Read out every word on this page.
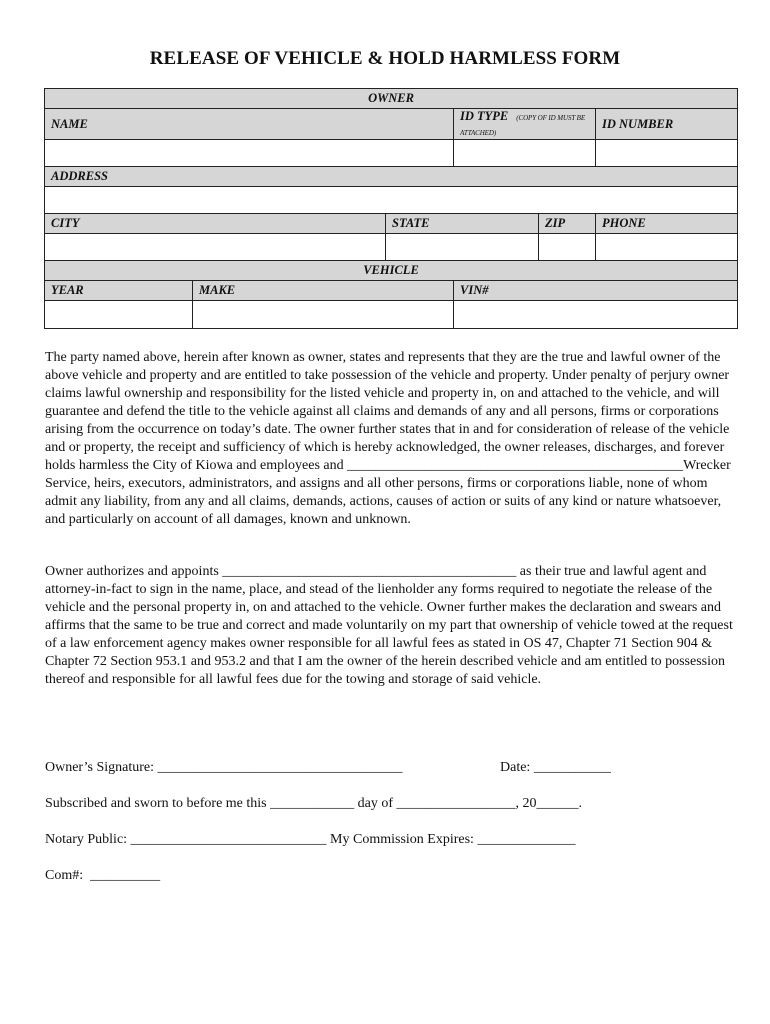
RELEASE OF VEHICLE & HOLD HARMLESS FORM
OWNER					
NAME			ID TYPE (COPY OF ID MUST BE ATTACHED)		ID NUMBER

ADDRESS					

CITY		STATE		ZIP	PHONE

VEHICLE					
YEAR	MAKE		VIN#		

The party named above, herein after known as owner, states and represents that they are the true and lawful owner of the above vehicle and property and are entitled to take possession of the vehicle and property. Under penalty of perjury owner claims lawful ownership and responsibility for the listed vehicle and property in, on and attached to the vehicle, and will guarantee and defend the title to the vehicle against all claims and demands of any and all persons, firms or corporations arising from the occurrence on today’s date. The owner further states that in and for consideration of release of the vehicle and or property, the receipt and sufficiency of which is hereby acknowledged, the owner releases, discharges, and forever holds harmless the City of Kiowa and employees and ________________________________________________Wrecker Service, heirs, executors, administrators, and assigns and all other persons, firms or corporations liable, none of whom admit any liability, from any and all claims, demands, actions, causes of action or suits of any kind or nature whatsoever, and particularly on account of all damages, known and unknown.
Owner authorizes and appoints __________________________________________ as their true and lawful agent and attorney-in-fact to sign in the name, place, and stead of the lienholder any forms required to negotiate the release of the vehicle and the personal property in, on and attached to the vehicle. Owner further makes the declaration and swears and affirms that the same to be true and correct and made voluntarily on my part that ownership of vehicle towed at the request of a law enforcement agency makes owner responsible for all lawful fees as stated in OS 47, Chapter 71 Section 904 & Chapter 72 Section 953.1 and 953.2 and that I am the owner of the herein described vehicle and am entitled to possession thereof and responsible for all lawful fees due for the towing and storage of said vehicle.
Owner’s Signature: ___________________________________	Date: ___________
Subscribed and sworn to before me this ____________ day of _________________, 20______.
Notary Public: ____________________________ My Commission Expires: ______________
Com#:  __________
